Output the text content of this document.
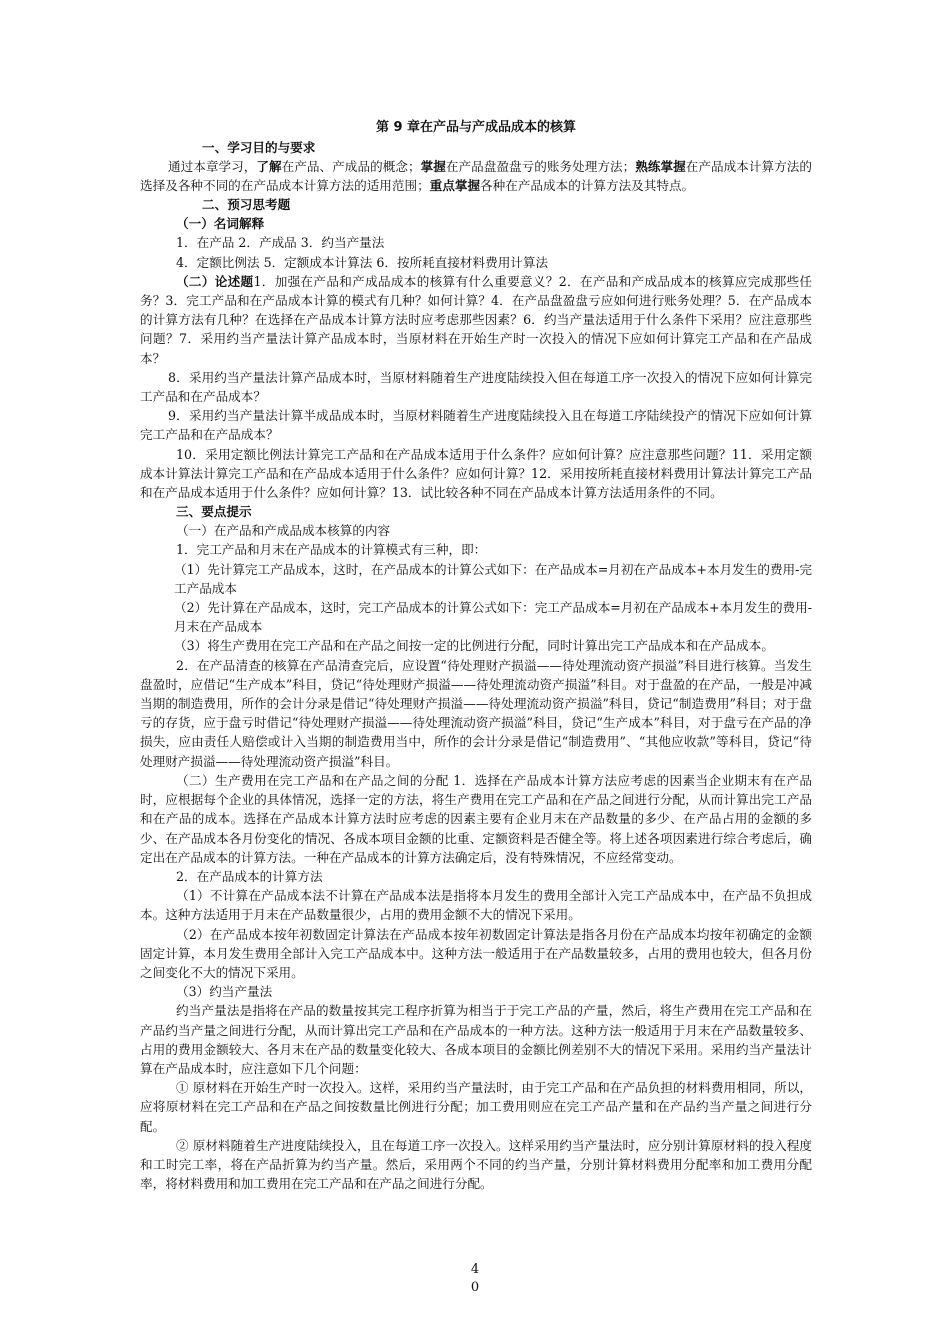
第 9 章在产品与产成品成本的核算
一、学习目的与要求

通过本章学习，了解在产品、产成品的概念；掌握在产品盘盈盘亏的账务处理方法；熟练掌握在产品成本计算方法的选择及各种不同的在产品成本计算方法的适用范围；重点掌握各种在产品成本的计算方法及其特点。

二、预习思考题
（一）名词解释

1．在产品 2．产成品 3．约当产量法

4．定额比例法 5．定额成本计算法 6．按所耗直接材料费用计算法

（二）论述题1．加强在产品和产成品成本的核算有什么重要意义？2．在产品和产成品成本的核算应完成那些任务？3．完工产品和在产品成本计算的模式有几种？如何计算？4．在产品盘盈盘亏应如何进行账务处理？5．在产品成本的计算方法有几种？在选择在产品成本计算方法时应考虑那些因素？6．约当产量法适用于什么条件下采用？应注意那些问题？7．采用约当产量法计算产品成本时，当原材料在开始生产时一次投入的情况下应如何计算完工产品和在产品成本？

8．采用约当产量法计算产品成本时，当原材料随着生产进度陆续投入但在每道工序一次投入的情况下应如何计算完工产品和在产品成本？

9．采用约当产量法计算半成品成本时，当原材料随着生产进度陆续投入且在每道工序陆续投产的情况下应如何计算完工产品和在产品成本？

10．采用定额比例法计算完工产品和在产品成本适用于什么条件？应如何计算？应注意那些问题？11．采用定额成本计算法计算完工产品和在产品成本适用于什么条件？应如何计算？12．采用按所耗直接材料费用计算法计算完工产品和在产品成本适用于什么条件？应如何计算？13．试比较各种不同在产品成本计算方法适用条件的不同。

三、要点提示

（一）在产品和产成品成本核算的内容

1．完工产品和月末在产品成本的计算模式有三种，即：

（1）先计算完工产品成本，这时，在产品成本的计算公式如下：在产品成本=月初在产品成本+本月发生的费用-完工产品成本

（2）先计算在产品成本，这时，完工产品成本的计算公式如下：完工产品成本=月初在产品成本+本月发生的费用-月末在产品成本

（3）将生产费用在完工产品和在产品之间按一定的比例进行分配，同时计算出完工产品成本和在产品成本。

2．在产品清查的核算在产品清查完后，应设置“待处理财产损溢——待处理流动资产损溢”科目进行核算。当发生盘盈时，应借记“生产成本”科目，贷记“待处理财产损溢——待处理流动资产损溢”科目。对于盘盈的在产品，一般是冲减当期的制造费用，所作的会计分录是借记“待处理财产损溢——待处理流动资产损溢”科目，贷记“制造费用”科目；对于盘亏的存货，应于盘亏时借记“待处理财产损溢——待处理流动资产损溢”科目，贷记“生产成本”科目，对于盘亏在产品的净损失，应由责任人赔偿或计入当期的制造费用当中，所作的会计分录是借记“制造费用”、“其他应收款”等科目，贷记“待处理财产损溢——待处理流动资产损溢”科目。

（二）生产费用在完工产品和在产品之间的分配 1．选择在产品成本计算方法应考虑的因素当企业期末有在产品时，应根据每个企业的具体情况，选择一定的方法，将生产费用在完工产品和在产品之间进行分配，从而计算出完工产品和在产品的成本。选择在产品成本计算方法时应考虑的因素主要有企业月末在产品数量的多少、在产品占用的金额的多少、在产品成本各月份变化的情况、各成本项目金额的比重、定额资料是否健全等。将上述各项因素进行综合考虑后，确定出在产品成本的计算方法。一种在产品成本的计算方法确定后，没有特殊情况，不应经常变动。

2．在产品成本的计算方法

（1）不计算在产品成本法不计算在产品成本法是指将本月发生的费用全部计入完工产品成本中，在产品不负担成本。这种方法适用于月末在产品数量很少，占用的费用金额不大的情况下采用。

（2）在产品成本按年初数固定计算法在产品成本按年初数固定计算法是指各月份在产品成本均按年初确定的金额固定计算，本月发生费用全部计入完工产品成本中。这种方法一般适用于在产品数量较多，占用的费用也较大，但各月份之间变化不大的情况下采用。

（3）约当产量法

约当产量法是指将在产品的数量按其完工程序折算为相当于于完工产品的产量，然后，将生产费用在完工产品和在产品约当产量之间进行分配，从而计算出完工产品和在产品成本的一种方法。这种方法一般适用于月末在产品数量较多、占用的费用金额较大、各月末在产品的数量变化较大、各成本项目的金额比例差别不大的情况下采用。采用约当产量法计算在产品成本时，应注意如下几个问题：

① 原材料在开始生产时一次投入。这样，采用约当产量法时，由于完工产品和在产品负担的材料费用相同，所以，应将原材料在完工产品和在产品之间按数量比例进行分配；加工费用则应在完工产品产量和在产品约当产量之间进行分配。

② 原材料随着生产进度陆续投入，且在每道工序一次投入。这样采用约当产量法时，应分别计算原材料的投入程度和工时完工率，将在产品折算为约当产量。然后，采用两个不同的约当产量，分别计算材料费用分配率和加工费用分配率，将材料费用和加工费用在完工产品和在产品之间进行分配。

4
0
